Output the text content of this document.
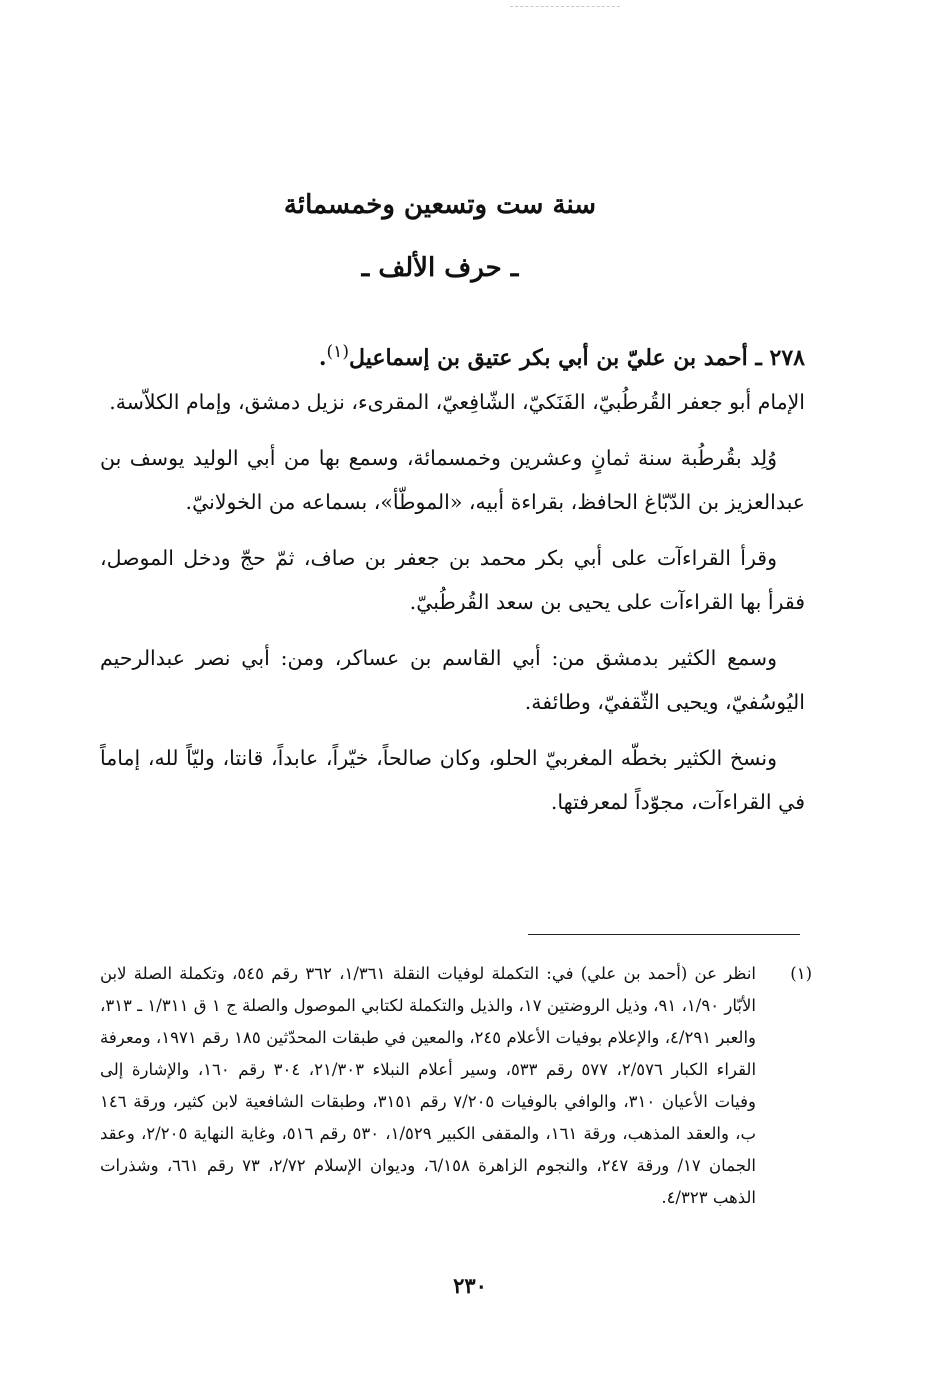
سنة ست وتسعين وخمسمائة
ـ حرف الألف ـ
٢٧٨ ـ أحمد بن عليّ بن أبي بكر عتيق بن إسماعيل$^{(١)}$.

الإمام أبو جعفر القُرطُبيّ، الفَنَكيّ، الشّافِعيّ، المقرىء، نزيل دمشق، وإمام الكلاّسة.

وُلِد بقُرطُبة سنة ثمانٍ وعشرين وخمسمائة، وسمع بها من أبي الوليد يوسف بن عبدالعزيز بن الدّبّاغ الحافظ، بقراءة أبيه، «الموطّأ»، بسماعه من الخولانيّ.

وقرأ القراءآت على أبي بكر محمد بن جعفر بن صاف، ثمّ حجّ ودخل الموصل، فقرأ بها القراءآت على يحيى بن سعد القُرطُبيّ.

وسمع الكثير بدمشق من: أبي القاسم بن عساكر، ومن: أبي نصر عبدالرحيم اليُوسُفيّ، ويحيى الثّقفيّ، وطائفة.

ونسخ الكثير بخطّه المغربيّ الحلو، وكان صالحاً، خيّراً، عابداً، قانتا، وليّاً لله، إماماً في القراءآت، مجوّداً لمعرفتها.

(١)
انظر عن (أحمد بن علي) في: التكملة لوفيات النقلة ١/٣٦١، ٣٦٢ رقم ٥٤٥، وتكملة الصلة لابن الأبّار ١/٩٠، ٩١، وذيل الروضتين ١٧، والذيل والتكملة لكتابي الموصول والصلة ج ١ ق ١/٣١١ ـ ٣١٣، والعبر ٤/٢٩١، والإعلام بوفيات الأعلام ٢٤٥، والمعين في طبقات المحدّثين ١٨٥ رقم ١٩٧١، ومعرفة القراء الكبار ٢/٥٧٦، ٥٧٧ رقم ٥٣٣، وسير أعلام النبلاء ٢١/٣٠٣، ٣٠٤ رقم ١٦٠، والإشارة إلى وفيات الأعيان ٣١٠، والوافي بالوفيات ٧/٢٠٥ رقم ٣١٥١، وطبقات الشافعية لابن كثير، ورقة ١٤٦ ب، والعقد المذهب، ورقة ١٦١، والمقفى الكبير ١/٥٢٩، ٥٣٠ رقم ٥١٦، وغاية النهاية ٢/٢٠٥، وعقد الجمان ١٧/ ورقة ٢٤٧، والنجوم الزاهرة ٦/١٥٨، وديوان الإسلام ٢/٧٢، ٧٣ رقم ٦٦١، وشذرات الذهب ٤/٣٢٣.
٢٣٠
